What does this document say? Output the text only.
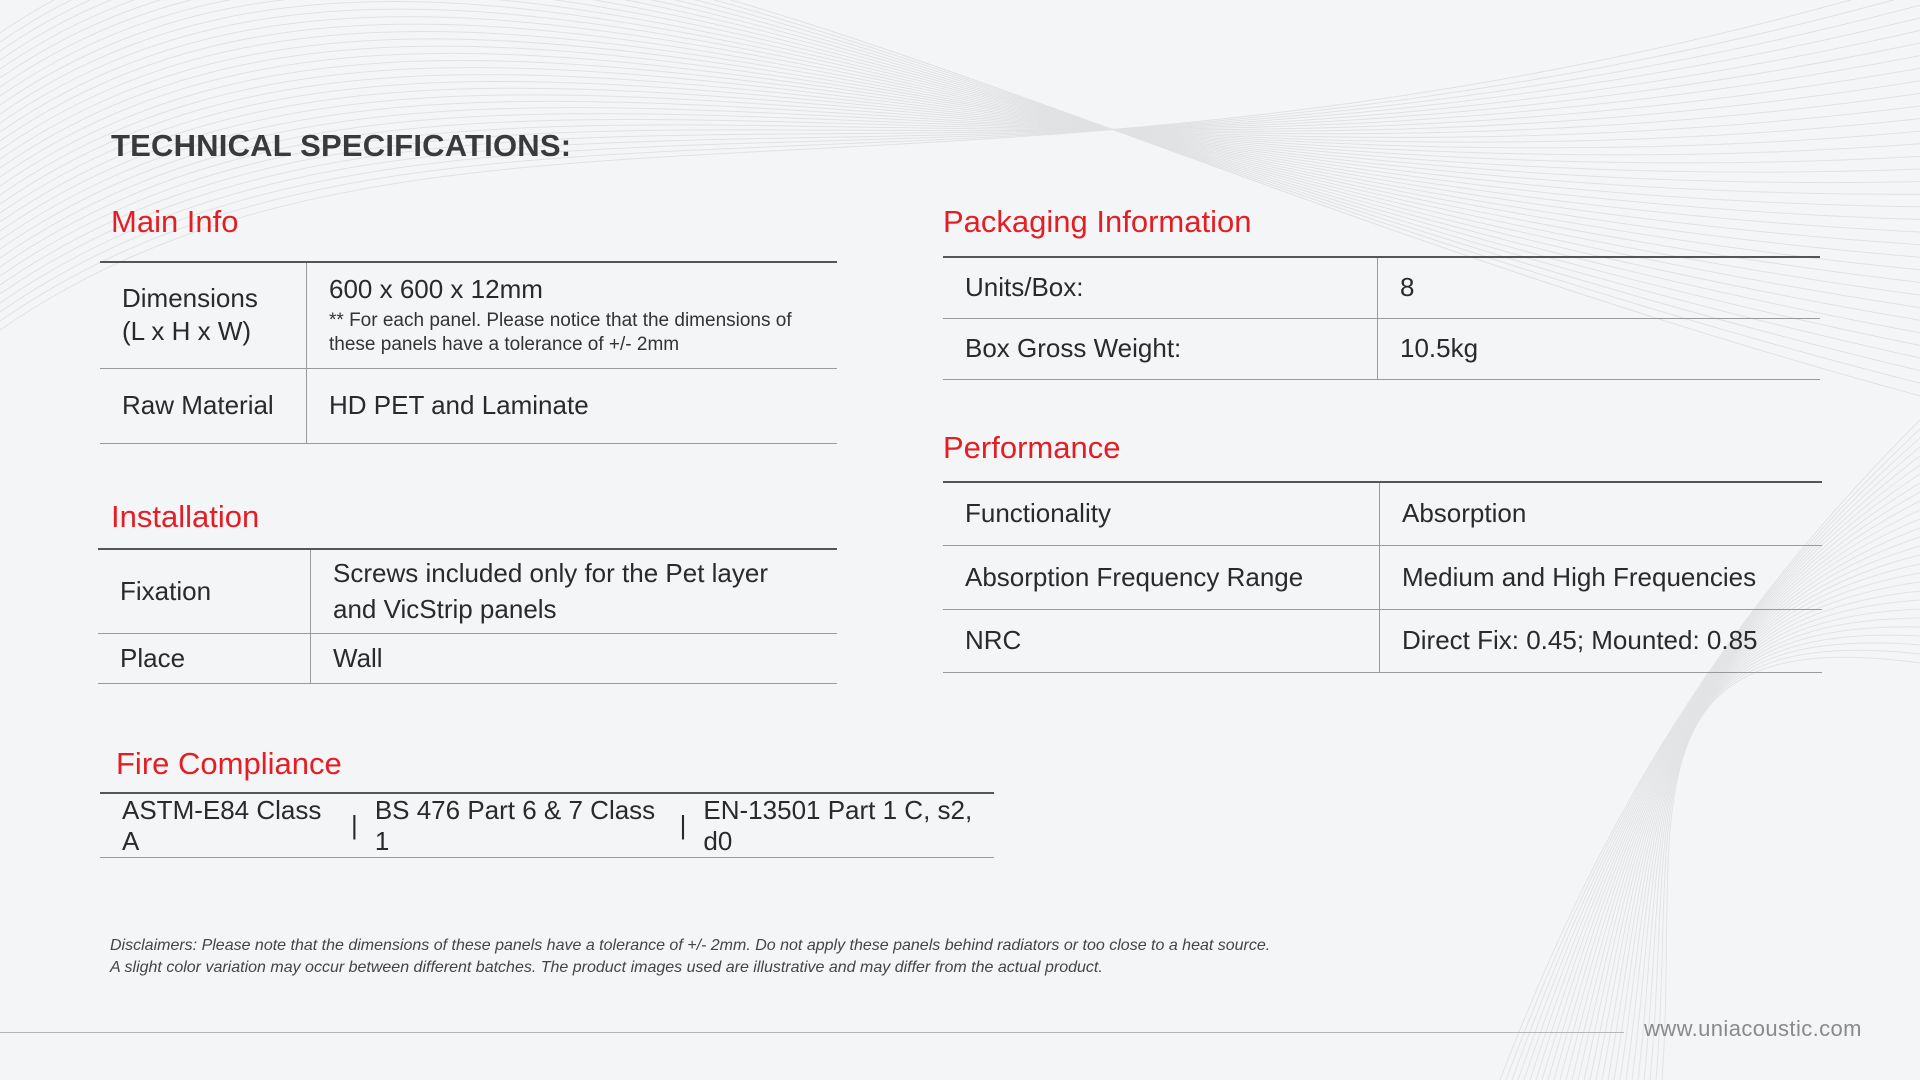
TECHNICAL SPECIFICATIONS:
Main Info
Dimensions (L x H x W)	600 x 600 x 12mm
** For each panel. Please notice that the dimensions of these panels have a tolerance of +/- 2mm

Raw Material	HD PET and Laminate
Installation
Fixation	Screws included only for the Pet layer and VicStrip panels
Place	Wall
Fire Compliance
ASTM-E84 Class A
|
BS 476 Part 6 & 7 Class 1
|
EN-13501 Part 1 C, s2, d0
Packaging Information
Units/Box:	8
Box Gross Weight:	10.5kg
Performance
Functionality	Absorption
Absorption Frequency Range	Medium and High Frequencies
NRC	Direct Fix: 0.45; Mounted: 0.85
Disclaimers: Please note that the dimensions of these panels have a tolerance of +/- 2mm. Do not apply these panels behind radiators or too close to a heat source.
A slight color variation may occur between different batches. The product images used are illustrative and may differ from the actual product.
www.uniacoustic.com
